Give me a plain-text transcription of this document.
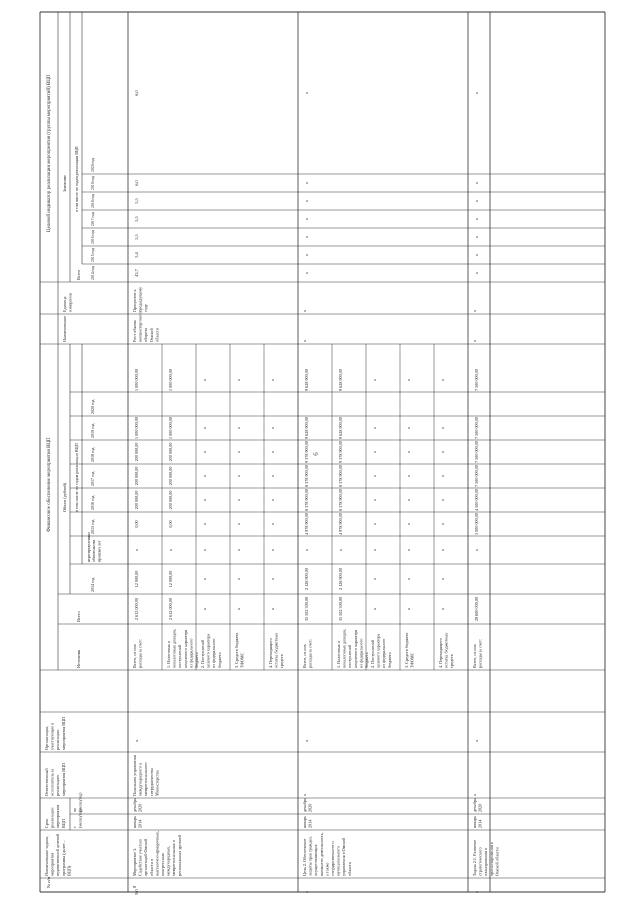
№ п/п
Наименование задачи, мероприятия ведомственной целевой программы (далее – ВЦП)
Срок реализации мероприятия ВЦП с (месяц/год)
по (месяц/год)
Ответственный исполнитель за реализацию мероприятия ВЦП
Организации, участвующие в реализации мероприятия ВЦП
Финансовое обеспечение мероприятия ВЦП
Источник
Объем (рублей)
Всего
в том числе по годам реализации ВЦП
нераспределенные обязательства прошлых лет
2014 год
2015 год
2016 год
2017 год
2018 год
2019 год
2020 год
Целевой индикатор реализации мероприятия (группы мероприятий) ВЦП
Наименование
Единица измерения
Значение
Всего
в том числе по годам реализации ВЦП
2014 год
2015 год
2016 год
2017 год
2018 год
2019 год
2020 год
8
Мероприятие 5. Содействие участию организаций Омской области в выставочно-ярмарочных, конгрессных международных, межрегиональных и региональных уровней
январь 2014
декабрь 2020
Начальник управления международного и межрегионального сотрудничества Министерства
х
Всего, из них расходы за счет:
2 612 000,00
12 000,00
х
0,00
200 000,00
200 000,00
200 000,00
1 000 000,00
1 000 000,00
1. Налоговых и неналоговых доходов, поступлений нецелевого характера из федерального бюджета
2 612 000,00
12 000,00
х
0,00
200 000,00
200 000,00
200 000,00
1 000 000,00
1 000 000,00
2. Поступлений целевого характера из федерального бюджета
х
х
х
х
х
х
х
х
х
3. Средств бюджета ТФОМС
х
х
х
х
х
х
х
х
х
4. Переходящего остатка бюджетных средств
х
х
х
х
х
х
х
х
х
Рост объема внешнеторгового оборота Омской области
Процентов к предыдущему году
43,7
5,4
5,5
5,5
5,5
6,0
6,0
9,0
Цель 2. Обеспечение защиты прав граждан, осуществляющих внешнюю деятельность, а также государственного и муниципального управления в Омской области
январь 2014
декабрь 2020
х
х
Всего, из них расходы за счет:
35 502 300,00
2 128 900,00
х
4 978 900,00
8 378 900,00
8 378 900,00
9 378 900,00
9 628 900,00
9 628 900,00
1. Налоговых и неналоговых доходов, поступлений нецелевого характера из федерального бюджета
35 502 300,00
2 128 900,00
х
4 978 900,00
8 378 900,00
8 378 900,00
9 378 900,00
9 628 900,00
9 628 900,00
2. Поступлений целевого характера из федерального бюджета
х
х
х
х
х
х
х
х
х
3. Средств бюджета ТФОМС
х
х
х
х
х
х
х
х
х
4. Переходящего остатка бюджетных средств
х
х
х
х
х
х
х
х
х
х
х
х
х
х
х
х
х
х
х
Задача 2.1. Развитие стратегического планирования и прогнозирования в Омской области
январь 2014
декабрь 2020
х
х
Всего, из них расходы за счет:
29 600 000,00
х
3 000 000,00
4 500 000,00
7 500 000,00
7 500 000,00
7 500 000,00
7 500 000,00
х
х
х
х
х
х
х
х
х
х
6
